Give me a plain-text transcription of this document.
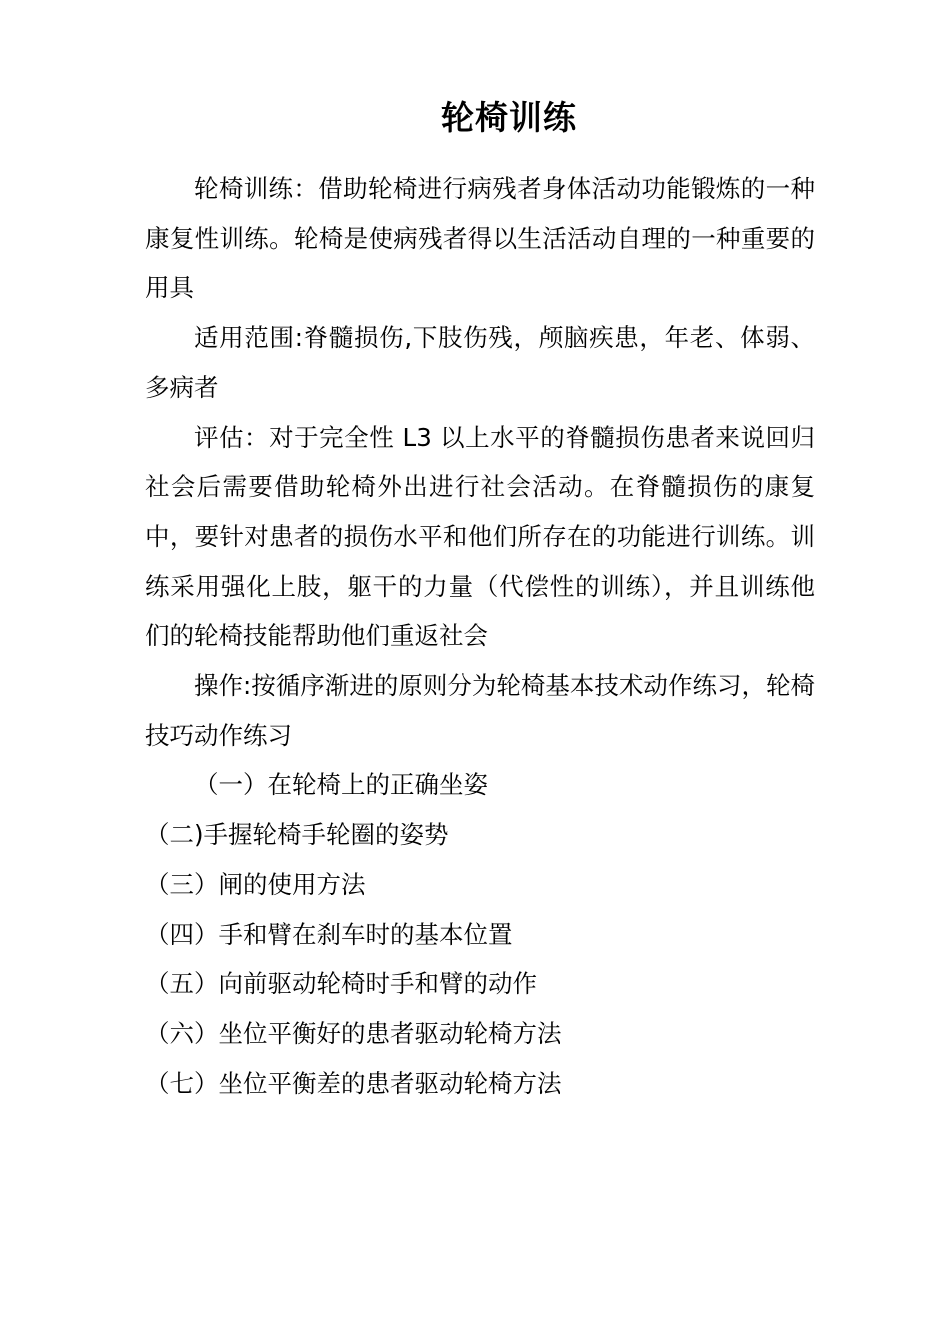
轮椅训练

轮椅训练：借助轮椅进行病残者身体活动功能锻炼的一种康复性训练。轮椅是使病残者得以生活活动自理的一种重要的用具

适用范围:脊髓损伤,下肢伤残，颅脑疾患，年老、体弱、多病者

评估：对于完全性 L3 以上水平的脊髓损伤患者来说回归社会后需要借助轮椅外出进行社会活动。在脊髓损伤的康复中，要针对患者的损伤水平和他们所存在的功能进行训练。训练采用强化上肢，躯干的力量（代偿性的训练），并且训练他们的轮椅技能帮助他们重返社会

操作:按循序渐进的原则分为轮椅基本技术动作练习，轮椅技巧动作练习

（一）在轮椅上的正确坐姿
（二)手握轮椅手轮圈的姿势
（三）闸的使用方法
（四）手和臂在刹车时的基本位置
（五）向前驱动轮椅时手和臂的动作
（六）坐位平衡好的患者驱动轮椅方法
（七）坐位平衡差的患者驱动轮椅方法
